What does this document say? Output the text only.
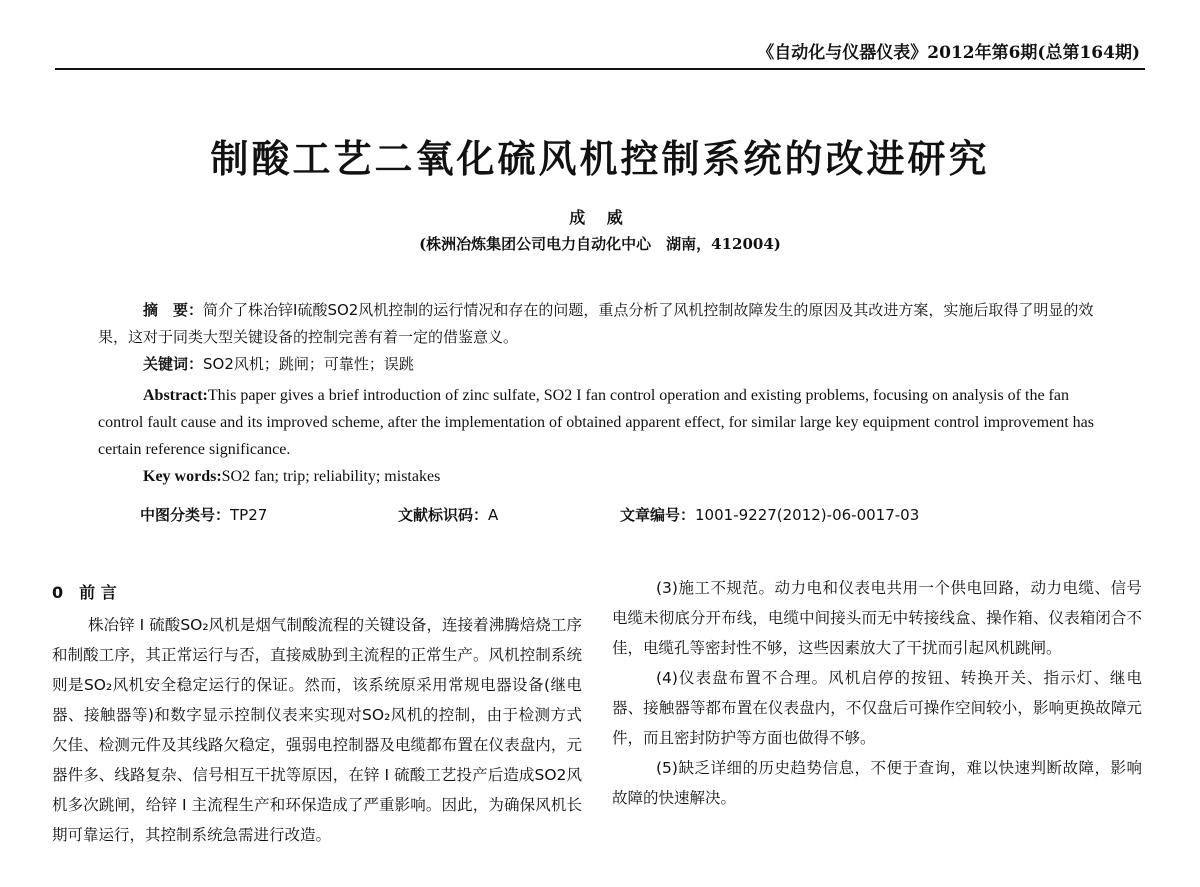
《自动化与仪器仪表》2012年第6期(总第164期)
制酸工艺二氧化硫风机控制系统的改进研究
成 威
(株洲冶炼集团公司电力自动化中心　湖南，412004)

摘　要：简介了株冶锌I硫酸SO2风机控制的运行情况和存在的问题，重点分析了风机控制故障发生的原因及其改进方案，实施后取得了明显的效果，这对于同类大型关键设备的控制完善有着一定的借鉴意义。

关键词：SO2风机；跳闸；可靠性；误跳

Abstract:This paper gives a brief introduction of zinc sulfate, SO2 I fan control operation and existing problems, focusing on analysis of the fan control fault cause and its improved scheme, after the implementation of obtained apparent effect, for similar large key equipment control improvement has certain reference significance.

Key words:SO2 fan; trip; reliability; mistakes

中图分类号：TP27	文献标识码：A	文章编号：1001-9227(2012)-06-0017-03

0　前 言

株冶锌 I 硫酸SO₂风机是烟气制酸流程的关键设备，连接着沸腾焙烧工序和制酸工序，其正常运行与否，直接威胁到主流程的正常生产。风机控制系统则是SO₂风机安全稳定运行的保证。然而，该系统原采用常规电器设备(继电器、接触器等)和数字显示控制仪表来实现对SO₂风机的控制，由于检测方式欠佳、检测元件及其线路欠稳定，强弱电控制器及电缆都布置在仪表盘内，元器件多、线路复杂、信号相互干扰等原因，在锌 I 硫酸工艺投产后造成SO2风机多次跳闸，给锌 I 主流程生产和环保造成了严重影响。因此，为确保风机长期可靠运行，其控制系统急需进行改造。

(3)施工不规范。动力电和仪表电共用一个供电回路，动力电缆、信号电缆未彻底分开布线，电缆中间接头而无中转接线盒、操作箱、仪表箱闭合不佳，电缆孔等密封性不够，这些因素放大了干扰而引起风机跳闸。

(4)仪表盘布置不合理。风机启停的按钮、转换开关、指示灯、继电器、接触器等都布置在仪表盘内，不仅盘后可操作空间较小，影响更换故障元件，而且密封防护等方面也做得不够。

(5)缺乏详细的历史趋势信息，不便于查询，难以快速判断故障，影响故障的快速解决。
